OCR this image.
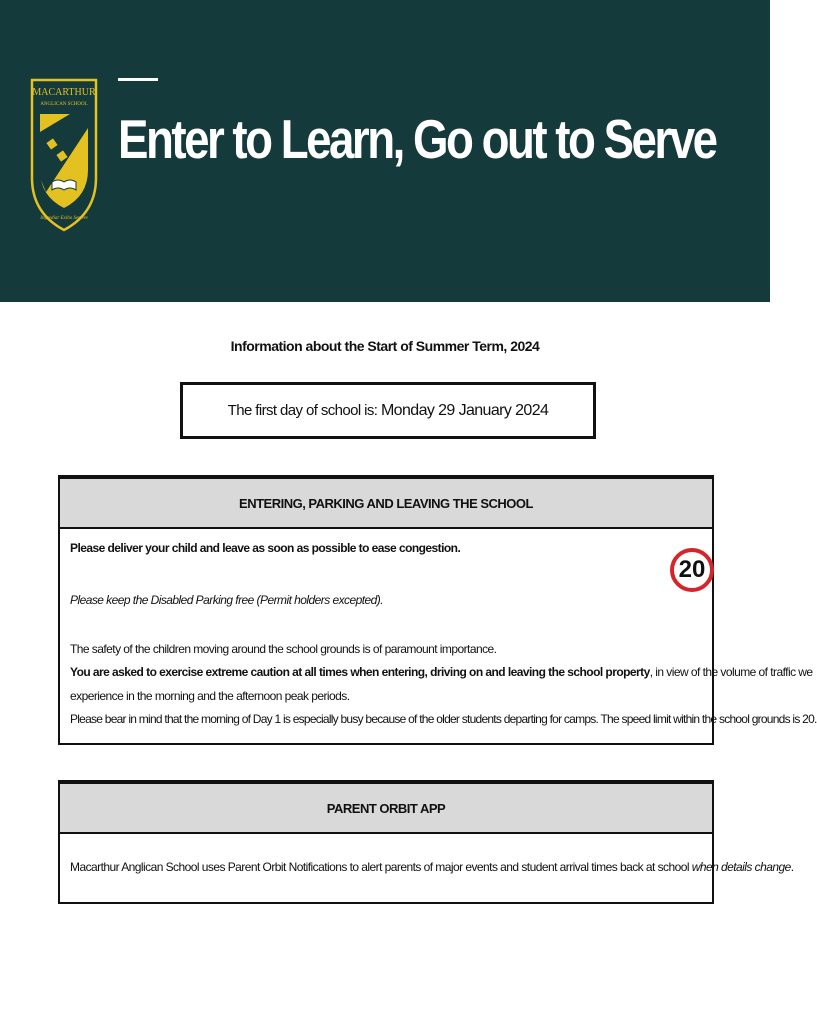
MACARTHUR
ANGLICAN SCHOOL
Ingrediar Exibo Servire
Enter to Learn, Go out to Serve
Information about the Start of Summer Term, 2024
The first day of school is: Monday 29 January 2024
ENTERING, PARKING AND LEAVING THE SCHOOL
Please deliver your child and leave as soon as possible to ease congestion.
Please keep the Disabled Parking free (Permit holders excepted).
The safety of the children moving around the school grounds is of paramount importance.
You are asked to exercise extreme caution at all times when entering, driving on and leaving the school property, in view of the volume of traffic we
experience in the morning and the afternoon peak periods.
Please bear in mind that the morning of Day 1 is especially busy because of the older students departing for camps. The speed limit within the school grounds is 20.
20
PARENT ORBIT APP
Macarthur Anglican School uses Parent Orbit Notifications to alert parents of major events and student arrival times back at school when details change.
